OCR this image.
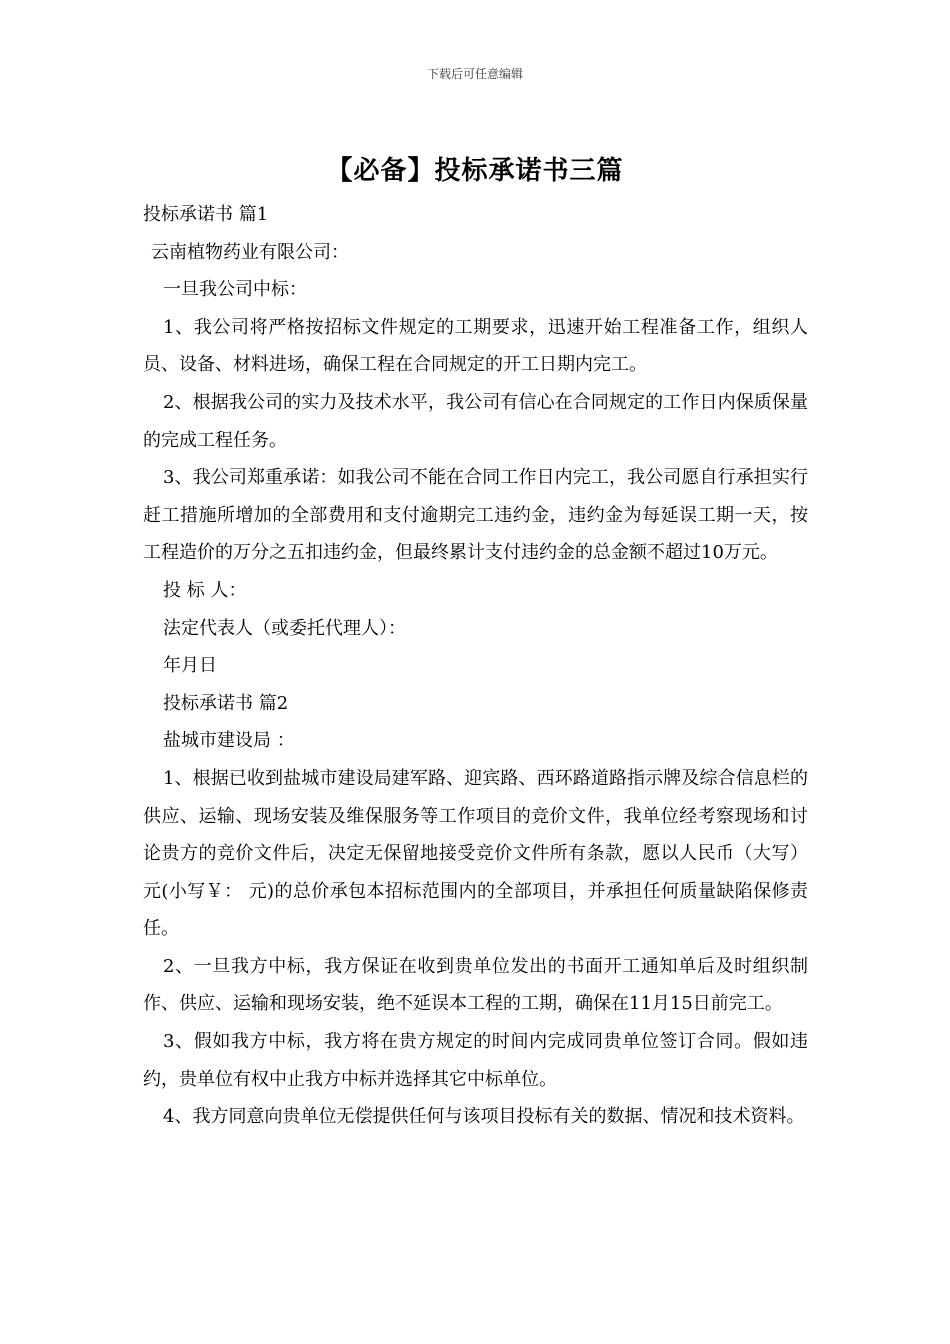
下载后可任意编辑
【必备】投标承诺书三篇

投标承诺书 篇1

云南植物药业有限公司：

一旦我公司中标：

1、我公司将严格按招标文件规定的工期要求，迅速开始工程准备工作，组织人员、设备、材料进场，确保工程在合同规定的开工日期内完工。

2、根据我公司的实力及技术水平，我公司有信心在合同规定的工作日内保质保量的完成工程任务。

3、我公司郑重承诺：如我公司不能在合同工作日内完工，我公司愿自行承担实行赶工措施所增加的全部费用和支付逾期完工违约金，违约金为每延误工期一天，按工程造价的万分之五扣违约金，但最终累计支付违约金的总金额不超过10万元。

投 标 人：

法定代表人（或委托代理人）：

年月日

投标承诺书 篇2

盐城市建设局 ：

1、根据已收到盐城市建设局建军路、迎宾路、西环路道路指示牌及综合信息栏的供应、运输、现场安装及维保服务等工作项目的竞价文件，我单位经考察现场和讨论贵方的竞价文件后，决定无保留地接受竞价文件所有条款，愿以人民币（大写） 元(小写￥： 元)的总价承包本招标范围内的全部项目，并承担任何质量缺陷保修责任。

2、一旦我方中标，我方保证在收到贵单位发出的书面开工通知单后及时组织制作、供应、运输和现场安装，绝不延误本工程的工期，确保在11月15日前完工。

3、假如我方中标，我方将在贵方规定的时间内完成同贵单位签订合同。假如违约，贵单位有权中止我方中标并选择其它中标单位。

4、我方同意向贵单位无偿提供任何与该项目投标有关的数据、情况和技术资料。
